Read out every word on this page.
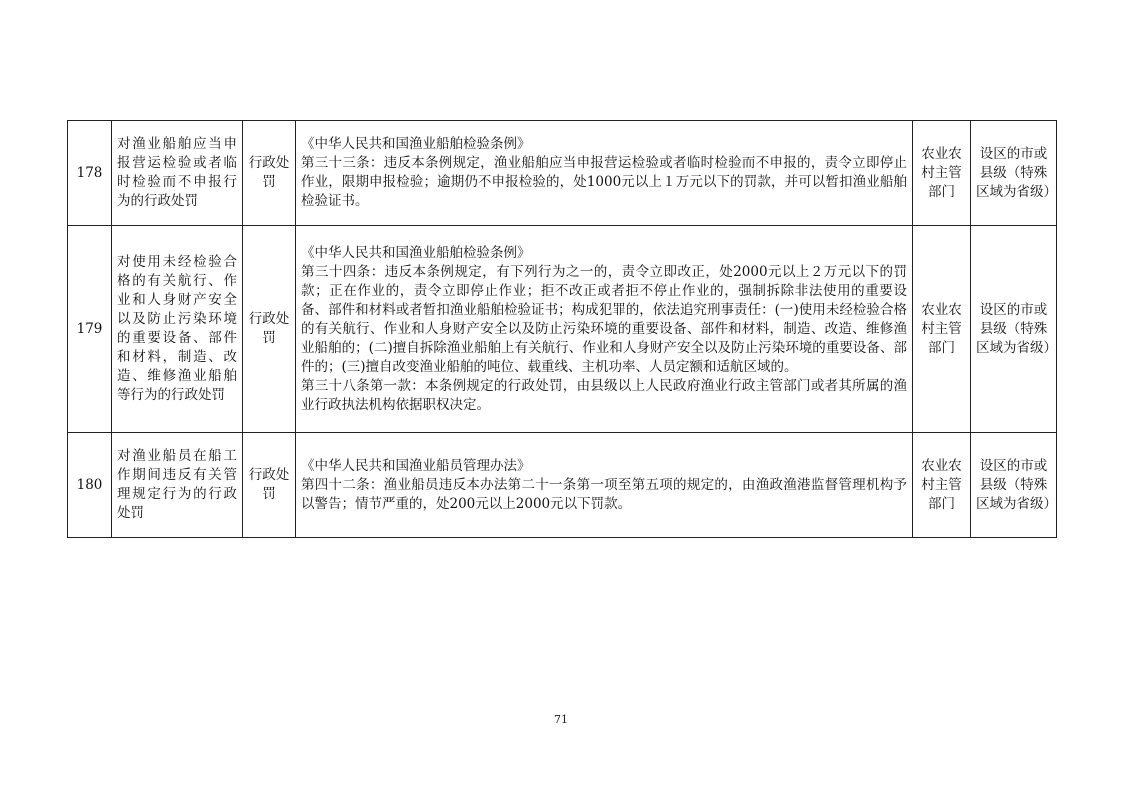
178	对渔业船舶应当申报营运检验或者临时检验而不申报行为的行政处罚	行政处罚	《中华人民共和国渔业船舶检验条例》
第三十三条：违反本条例规定，渔业船舶应当申报营运检验或者临时检验而不申报的，责令立即停止作业，限期申报检验；逾期仍不申报检验的，处1000元以上１万元以下的罚款，并可以暂扣渔业船舶检验证书。	农业农村主管部门	设区的市或县级（特殊区域为省级）
179	对使用未经检验合格的有关航行、作业和人身财产安全以及防止污染环境的重要设备、部件和材料，制造、改造、维修渔业船舶等行为的行政处罚	行政处罚	《中华人民共和国渔业船舶检验条例》
第三十四条：违反本条例规定，有下列行为之一的，责令立即改正，处2000元以上２万元以下的罚款；正在作业的，责令立即停止作业；拒不改正或者拒不停止作业的，强制拆除非法使用的重要设备、部件和材料或者暂扣渔业船舶检验证书；构成犯罪的，依法追究刑事责任：(一)使用未经检验合格的有关航行、作业和人身财产安全以及防止污染环境的重要设备、部件和材料，制造、改造、维修渔业船舶的；(二)擅自拆除渔业船舶上有关航行、作业和人身财产安全以及防止污染环境的重要设备、部件的；(三)擅自改变渔业船舶的吨位、载重线、主机功率、人员定额和适航区域的。
第三十八条第一款：本条例规定的行政处罚，由县级以上人民政府渔业行政主管部门或者其所属的渔业行政执法机构依据职权决定。	农业农村主管部门	设区的市或县级（特殊区域为省级）
180	对渔业船员在船工作期间违反有关管理规定行为的行政处罚	行政处罚	《中华人民共和国渔业船员管理办法》
第四十二条：渔业船员违反本办法第二十一条第一项至第五项的规定的，由渔政渔港监督管理机构予以警告；情节严重的，处200元以上2000元以下罚款。	农业农村主管部门	设区的市或县级（特殊区域为省级）
71
